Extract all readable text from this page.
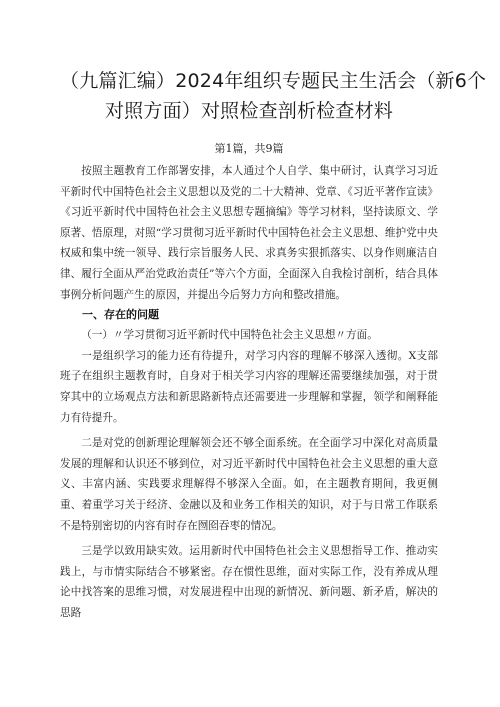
（九篇汇编）2024年组织专题民主生活会（新6个
对照方面）对照检查剖析检查材料
第1篇，共9篇

按照主题教育工作部署安排，本人通过个人自学、集中研讨，认真学习习近平新时代中国特色社会主义思想以及党的二十大精神、党章、《习近平著作宣读》《习近平新时代中国特色社会主义思想专题摘编》等学习材料，坚持读原文、学原著、悟原理，对照“学习贯彻习近平新时代中国特色社会主义思想、维护党中央权威和集中统一领导、践行宗旨服务人民、求真务实狠抓落实、以身作则廉洁自律、履行全面从严治党政治责任”等六个方面，全面深入自我检讨剖析，结合具体事例分析问题产生的原因，并提出今后努力方向和整改措施。

一、存在的问题

（一）〃学习贯彻习近平新时代中国特色社会主义思想〃方面。

一是组织学习的能力还有待提升，对学习内容的理解不够深入透彻。X支部班子在组织主题教育时，自身对于相关学习内容的理解还需要继续加强，对于贯穿其中的立场观点方法和新思路新特点还需要进一步理解和掌握，领学和阐释能力有待提升。

二是对党的创新理论理解领会还不够全面系统。在全面学习中深化对高质量发展的理解和认识还不够到位，对习近平新时代中国特色社会主义思想的重大意义、丰富内涵、实践要求理解得不够深入全面。如，在主题教育期间，我更侧重、着重学习关于经济、金融以及和业务工作相关的知识，对于与日常工作联系不是特别密切的内容有时存在囫囵吞枣的情况。

三是学以致用缺实效。运用新时代中国特色社会主义思想指导工作、推动实践上，与市情实际结合不够紧密。存在惯性思维，面对实际工作，没有养成从理论中找答案的思维习惯，对发展进程中出现的新情况、新问题、新矛盾，解决的思路
